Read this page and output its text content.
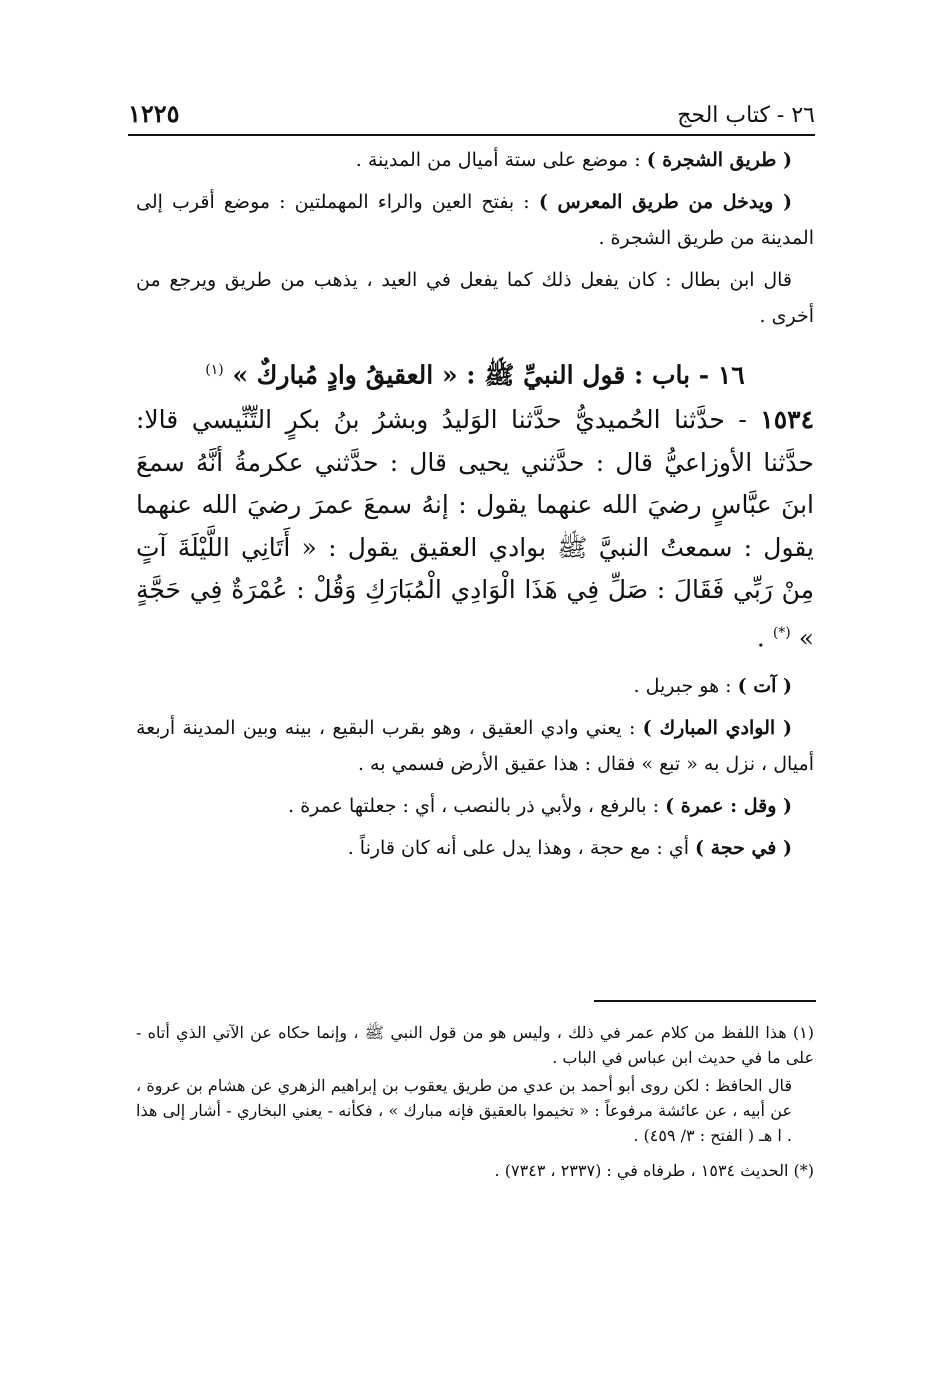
٢٦ - كتاب الحج
١٢٢٥

( طريق الشجرة ) : موضع على ستة أميال من المدينة .

( ويدخل من طريق المعرس ) : بفتح العين والراء المهملتين : موضع أقرب إلى المدينة من طريق الشجرة .

قال ابن بطال : كان يفعل ذلك كما يفعل في العيد ، يذهب من طريق ويرجع من أخرى .

١٦ - باب : قول النبيِّ ﷺ : « العقيقُ وادٍ مُباركٌ » $^{(١)}$

١٥٣٤ - حدَّثنا الحُميديُّ حدَّثنا الوَليدُ وبشرُ بنُ بكرٍ التِّنِّيسي قالا: حدَّثنا الأوزاعيُّ قال : حدَّثني يحيى قال : حدَّثني عكرمةُ أنَّهُ سمعَ ابنَ عبَّاسٍ رضيَ الله عنهما يقول : إنهُ سمعَ عمرَ رضيَ الله عنهما يقول : سمعتُ النبيَّ ﷺ بوادي العقيق يقول : « أَتَانِي اللَّيْلَةَ آتٍ مِنْ رَبِّي فَقَالَ : صَلِّ فِي هَذَا الْوَادِي الْمُبَارَكِ وَقُلْ : عُمْرَةٌ فِي حَجَّةٍ » (*) .

( آت ) : هو جبريل .

( الوادي المبارك ) : يعني وادي العقيق ، وهو بقرب البقيع ، بينه وبين المدينة أربعة أميال ، نزل به « تبع » فقال : هذا عقيق الأرض فسمي به .

( وقل : عمرة ) : بالرفع ، ولأبي ذر بالنصب ، أي : جعلتها عمرة .

( في حجة ) أي : مع حجة ، وهذا يدل على أنه كان قارناً .

(١) هذا اللفظ من كلام عمر في ذلك ، وليس هو من قول النبي ﷺ ، وإنما حكاه عن الآتي الذي أتاه - على ما في حديث ابن عباس في الباب .

قال الحافظ : لكن روى أبو أحمد بن عدي من طريق يعقوب بن إبراهيم الزهري عن هشام بن عروة ، عن أبيه ، عن عائشة مرفوعاً : « تخيموا بالعقيق فإنه مبارك » ، فكأنه - يعني البخاري - أشار إلى هذا . ا هـ ( الفتح : ٣/ ٤٥٩) .

(*) الحديث ١٥٣٤ ، طرفاه في : (٢٣٣٧ ، ٧٣٤٣) .
